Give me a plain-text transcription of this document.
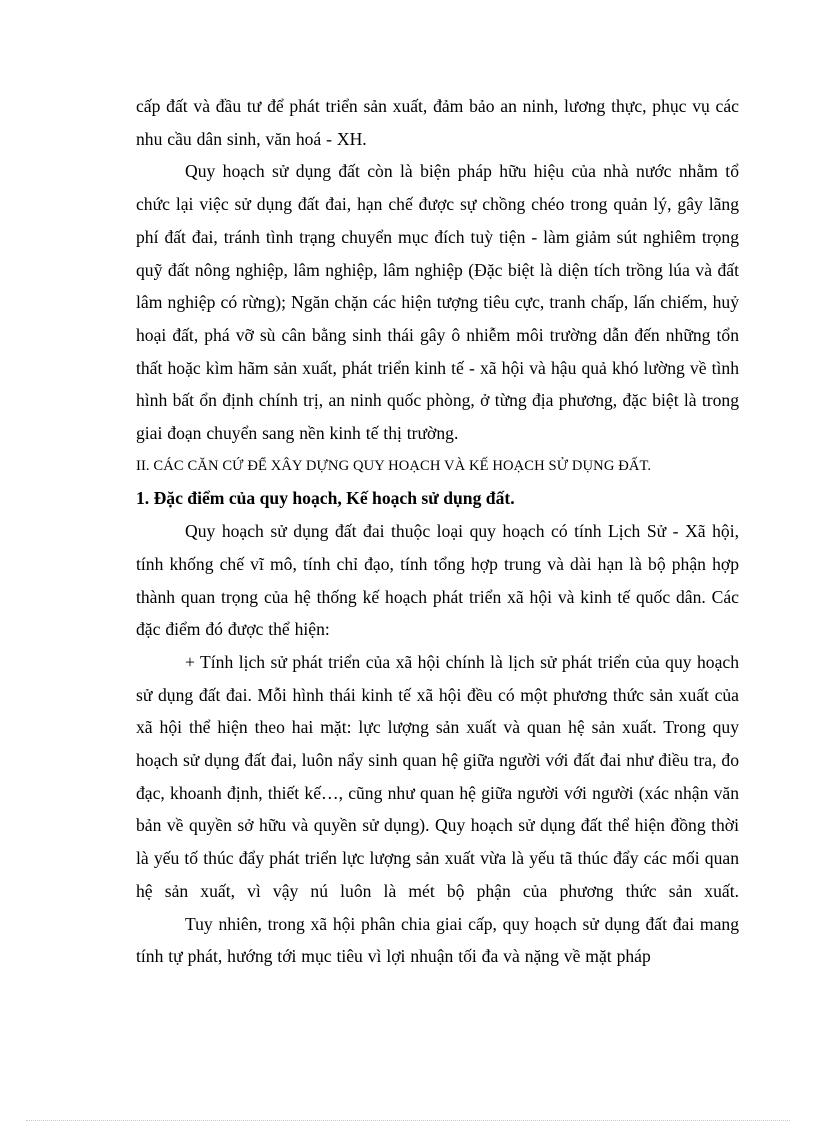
cấp đất và đầu tư để phát triển sản xuất, đảm bảo an ninh, lương thực, phục vụ các nhu cầu dân sinh, văn hoá - XH.

Quy hoạch sử dụng đất còn là biện pháp hữu hiệu của nhà nước nhằm tổ chức lại việc sử dụng đất đai, hạn chế được sự chồng chéo trong quản lý, gây lãng phí đất đai, tránh tình trạng chuyển mục đích tuỳ tiện - làm giảm sút nghiêm trọng quỹ đất nông nghiệp, lâm nghiệp, lâm nghiệp (Đặc biệt là diện tích trồng lúa và đất lâm nghiệp có rừng); Ngăn chặn các hiện tượng tiêu cực, tranh chấp, lấn chiếm, huỷ hoại đất, phá vỡ sù cân bằng sinh thái gây ô nhiễm môi trường dẫn đến những tổn thất hoặc kìm hãm sản xuất, phát triển kinh tế - xã hội và hậu quả khó lường về tình hình bất ổn định chính trị, an ninh quốc phòng, ở từng địa phương, đặc biệt là trong giai đoạn chuyển sang nền kinh tế thị trường.

II. CÁC CĂN CỨ ĐỂ XÂY DỰNG QUY HOẠCH VÀ KẾ HOẠCH SỬ DỤNG ĐẤT.

1. Đặc điểm của quy hoạch, Kế hoạch sử dụng đất.

Quy hoạch sử dụng đất đai thuộc loại quy hoạch có tính Lịch Sử - Xã hội, tính khống chế vĩ mô, tính chỉ đạo, tính tổng hợp trung và dài hạn là bộ phận hợp thành quan trọng của hệ thống kế hoạch phát triển xã hội và kinh tế quốc dân. Các đặc điểm đó được thể hiện:

+ Tính lịch sử phát triển của xã hội chính là lịch sử phát triển của quy hoạch sử dụng đất đai. Mỗi hình thái kinh tế xã hội đều có một phương thức sản xuất của xã hội thể hiện theo hai mặt: lực lượng sản xuất và quan hệ sản xuất. Trong quy hoạch sử dụng đất đai, luôn nẩy sinh quan hệ giữa người với đất đai như điều tra, đo đạc, khoanh định, thiết kế…, cũng như quan hệ giữa người với người (xác nhận văn bản về quyền sở hữu và quyền sử dụng). Quy hoạch sử dụng đất thể hiện đồng thời là yếu tố thúc đẩy phát triển lực lượng sản xuất vừa là yếu tã thúc đẩy các mối quan hệ sản xuất, vì vậy nú luôn là mét bộ phận của phương thức sản xuất.

Tuy nhiên, trong xã hội phân chia giai cấp, quy hoạch sử dụng đất đai mang tính tự phát, hướng tới mục tiêu vì lợi nhuận tối đa và nặng về mặt pháp
